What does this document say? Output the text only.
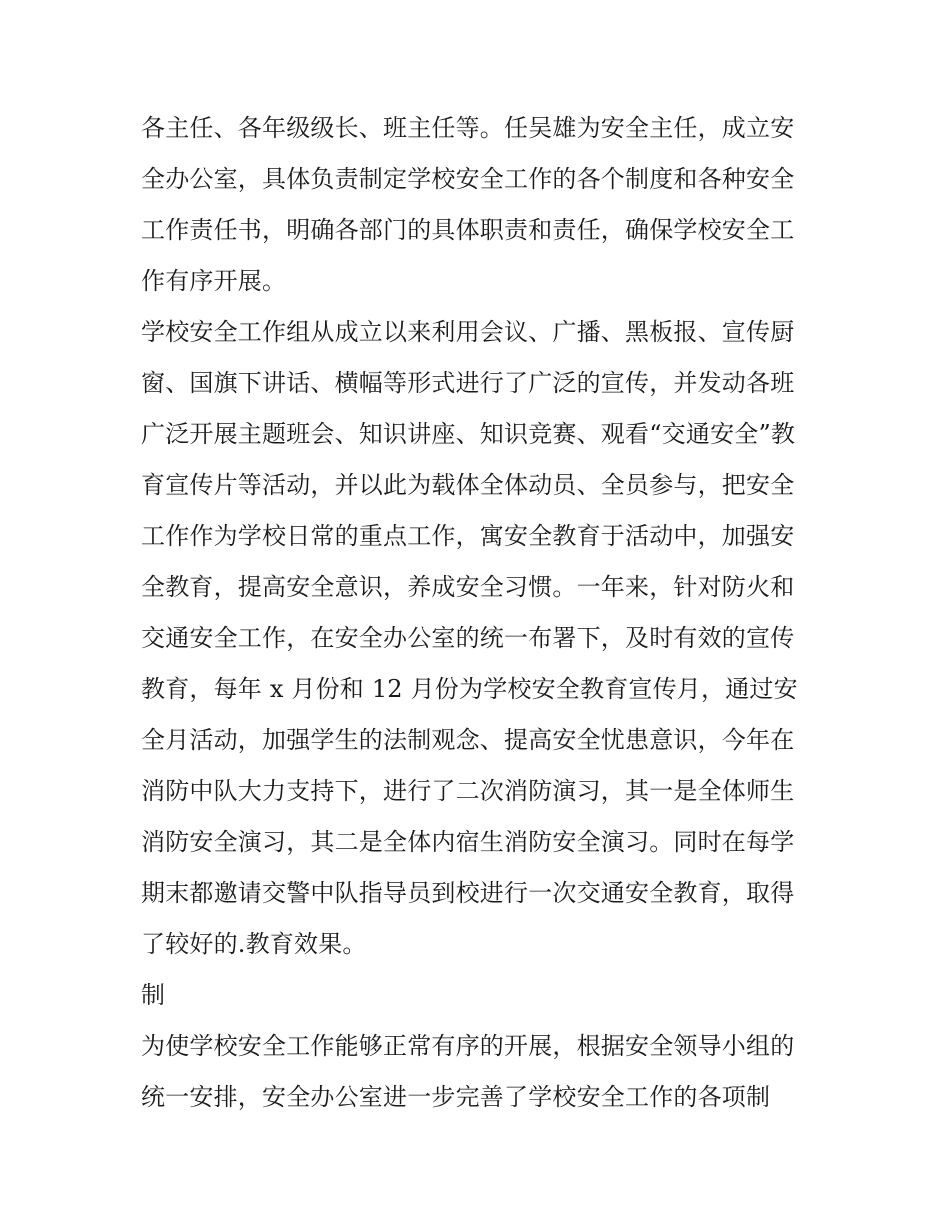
各主任、各年级级长、班主任等。任吴雄为安全主任，成立安
全办公室，具体负责制定学校安全工作的各个制度和各种安全
工作责任书，明确各部门的具体职责和责任，确保学校安全工
作有序开展。
学校安全工作组从成立以来利用会议、广播、黑板报、宣传厨
窗、国旗下讲话、横幅等形式进行了广泛的宣传，并发动各班
广泛开展主题班会、知识讲座、知识竞赛、观看“交通安全”教
育宣传片等活动，并以此为载体全体动员、全员参与，把安全
工作作为学校日常的重点工作，寓安全教育于活动中，加强安
全教育，提高安全意识，养成安全习惯。一年来，针对防火和
交通安全工作，在安全办公室的统一布署下，及时有效的宣传
教育，每年 x 月份和 12 月份为学校安全教育宣传月，通过安
全月活动，加强学生的法制观念、提高安全忧患意识，今年在
消防中队大力支持下，进行了二次消防演习，其一是全体师生
消防安全演习，其二是全体内宿生消防安全演习。同时在每学
期末都邀请交警中队指导员到校进行一次交通安全教育，取得
了较好的.教育效果。
制
为使学校安全工作能够正常有序的开展，根据安全领导小组的
统一安排，安全办公室进一步完善了学校安全工作的各项制
